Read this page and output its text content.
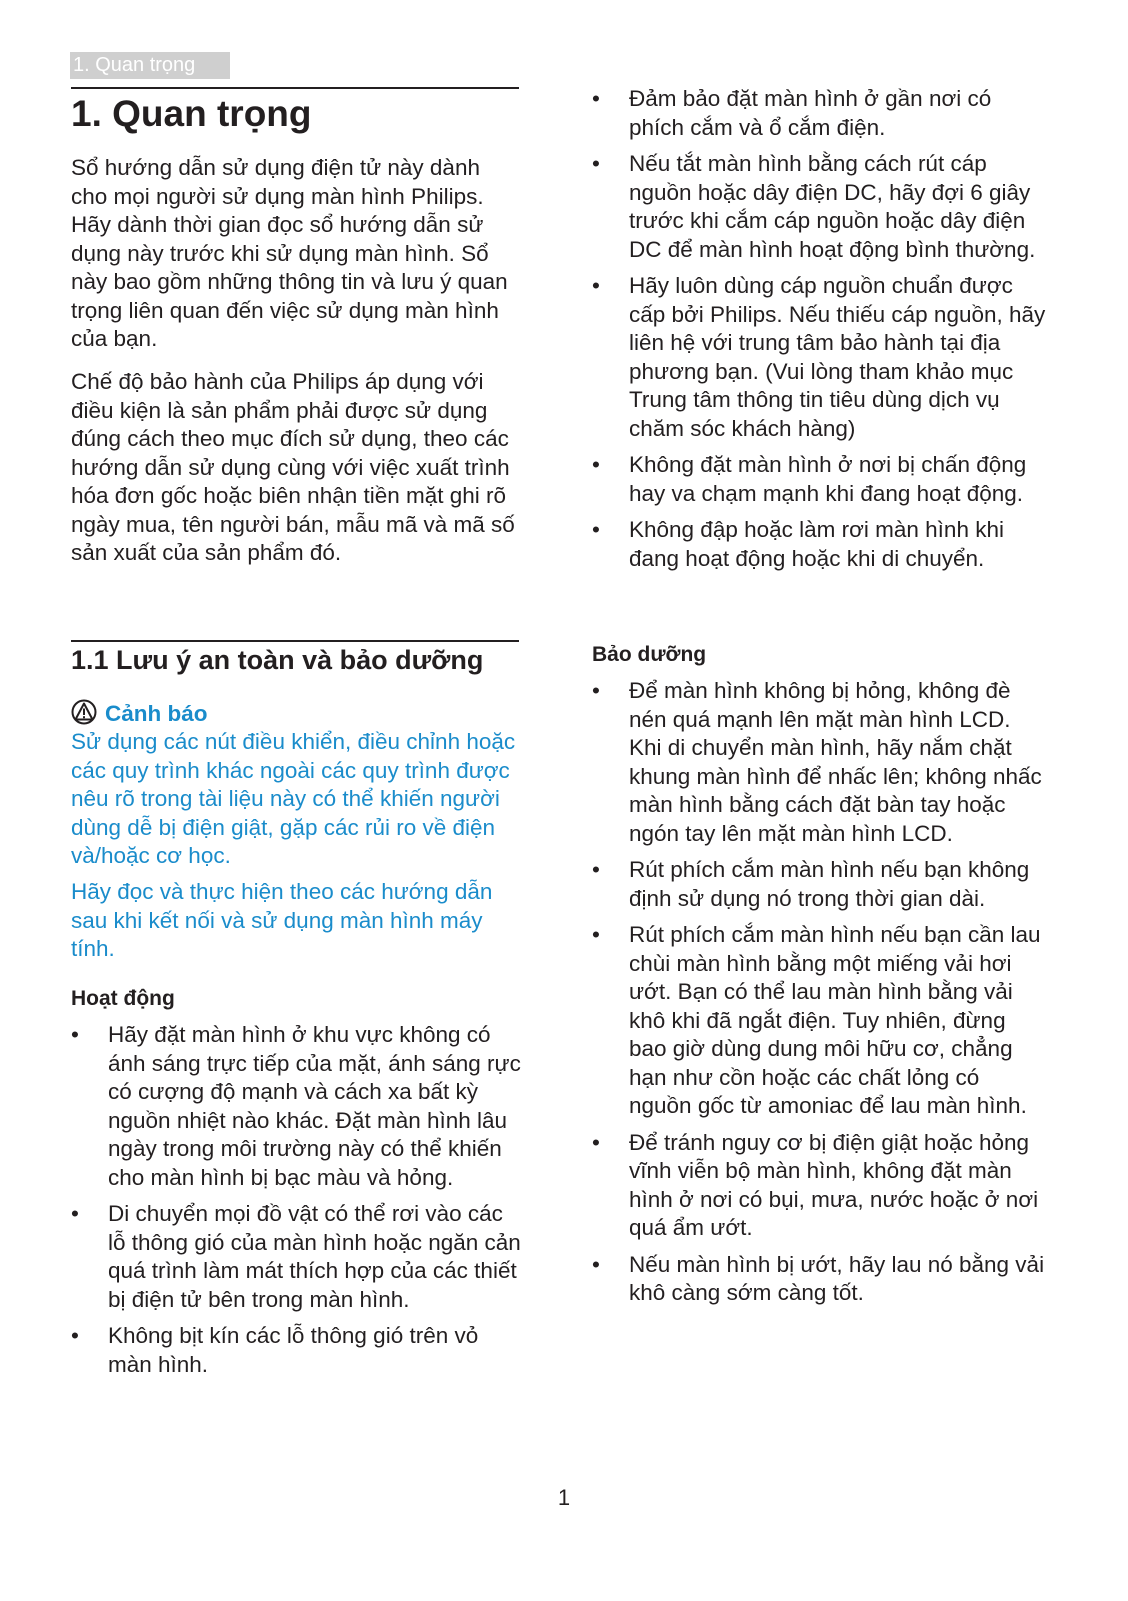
1. Quan trọng
1. Quan trọng

Sổ hướng dẫn sử dụng điện tử này dành cho mọi người sử dụng màn hình Philips. Hãy dành thời gian đọc sổ hướng dẫn sử dụng này trước khi sử dụng màn hình. Sổ này bao gồm những thông tin và lưu ý quan trọng liên quan đến việc sử dụng màn hình của bạn.

Chế độ bảo hành của Philips áp dụng với điều kiện là sản phẩm phải được sử dụng đúng cách theo mục đích sử dụng, theo các hướng dẫn sử dụng cùng với việc xuất trình hóa đơn gốc hoặc biên nhận tiền mặt ghi rõ ngày mua, tên người bán, mẫu mã và mã số sản xuất của sản phẩm đó.

1.1 Lưu ý an toàn và bảo dưỡng
Cảnh báo

Sử dụng các nút điều khiển, điều chỉnh hoặc các quy trình khác ngoài các quy trình được nêu rõ trong tài liệu này có thể khiến người dùng dễ bị điện giật, gặp các rủi ro về điện và/hoặc cơ học.

Hãy đọc và thực hiện theo các hướng dẫn sau khi kết nối và sử dụng màn hình máy tính.

Hoạt động
• Hãy đặt màn hình ở khu vực không có ánh sáng trực tiếp của mặt, ánh sáng rực có cượng độ mạnh và cách xa bất kỳ nguồn nhiệt nào khác. Đặt màn hình lâu ngày trong môi trường này có thể khiến cho màn hình bị bạc màu và hỏng.
• Di chuyển mọi đồ vật có thể rơi vào các lỗ thông gió của màn hình hoặc ngăn cản quá trình làm mát thích hợp của các thiết bị điện tử bên trong màn hình.
• Không bịt kín các lỗ thông gió trên vỏ màn hình.
• Đảm bảo đặt màn hình ở gần nơi có phích cắm và ổ cắm điện.
• Nếu tắt màn hình bằng cách rút cáp nguồn hoặc dây điện DC, hãy đợi 6 giây trước khi cắm cáp nguồn hoặc dây điện DC để màn hình hoạt động bình thường.
• Hãy luôn dùng cáp nguồn chuẩn được cấp bởi Philips. Nếu thiếu cáp nguồn, hãy liên hệ với trung tâm bảo hành tại địa phương bạn. (Vui lòng tham khảo mục Trung tâm thông tin tiêu dùng dịch vụ chăm sóc khách hàng)
• Không đặt màn hình ở nơi bị chấn động hay va chạm mạnh khi đang hoạt động.
• Không đập hoặc làm rơi màn hình khi đang hoạt động hoặc khi di chuyển.
Bảo dưỡng
• Để màn hình không bị hỏng, không đè nén quá mạnh lên mặt màn hình LCD. Khi di chuyển màn hình, hãy nắm chặt khung màn hình để nhấc lên; không nhấc màn hình bằng cách đặt bàn tay hoặc ngón tay lên mặt màn hình LCD.
• Rút phích cắm màn hình nếu bạn không định sử dụng nó trong thời gian dài.
• Rút phích cắm màn hình nếu bạn cần lau chùi màn hình bằng một miếng vải hơi ướt. Bạn có thể lau màn hình bằng vải khô khi đã ngắt điện. Tuy nhiên, đừng bao giờ dùng dung môi hữu cơ, chẳng hạn như cồn hoặc các chất lỏng có nguồn gốc từ amoniac để lau màn hình.
• Để tránh nguy cơ bị điện giật hoặc hỏng vĩnh viễn bộ màn hình, không đặt màn hình ở nơi có bụi, mưa, nước hoặc ở nơi quá ẩm ướt.
• Nếu màn hình bị ướt, hãy lau nó bằng vải khô càng sớm càng tốt.
1
